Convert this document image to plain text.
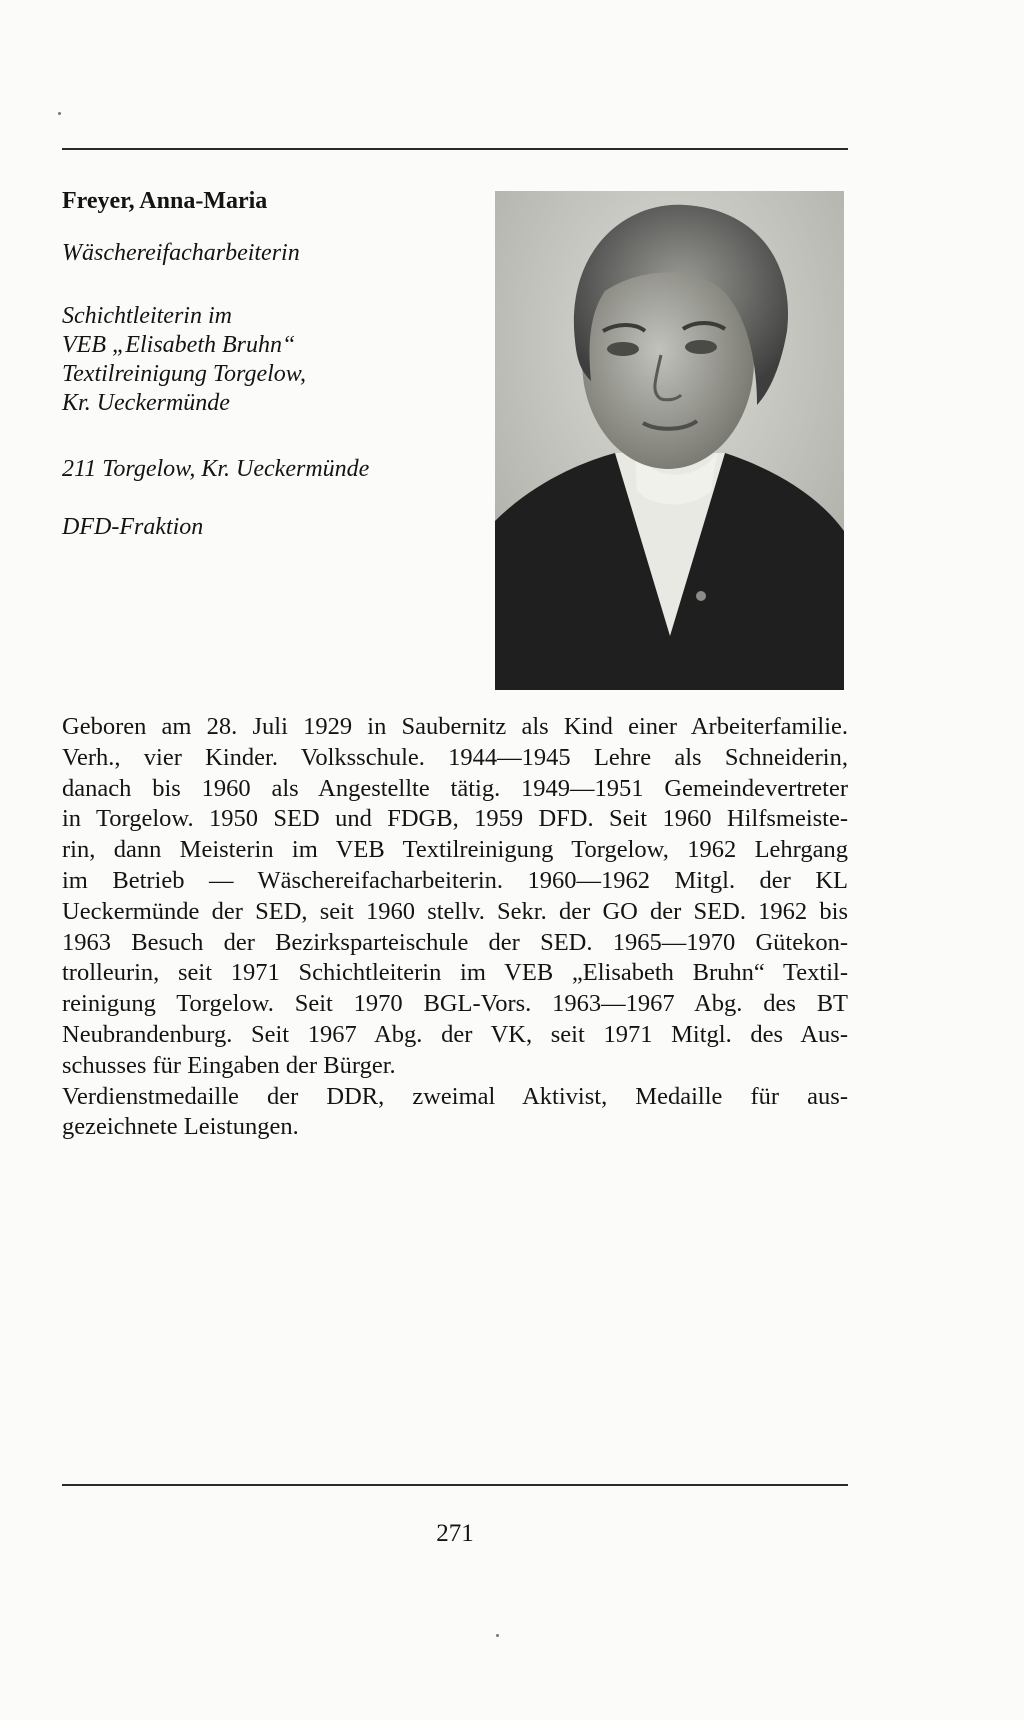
Freyer, Anna-Maria
Wäschereifacharbeiterin
Schichtleiterin im
VEB „Elisabeth Bruhn“
Textilreinigung Torgelow,
Kr. Ueckermünde
211 Torgelow, Kr. Ueckermünde
DFD-Fraktion
Geboren am 28. Juli 1929 in Saubernitz als Kind einer Arbeiterfamilie.
Verh., vier Kinder. Volksschule. 1944—1945 Lehre als Schneiderin,
danach bis 1960 als Angestellte tätig. 1949—1951 Gemeindevertreter
in Torgelow. 1950 SED und FDGB, 1959 DFD. Seit 1960 Hilfsmeiste-
rin, dann Meisterin im VEB Textilreinigung Torgelow, 1962 Lehrgang
im Betrieb — Wäschereifacharbeiterin. 1960—1962 Mitgl. der KL
Ueckermünde der SED, seit 1960 stellv. Sekr. der GO der SED. 1962 bis
1963 Besuch der Bezirksparteischule der SED. 1965—1970 Gütekon-
trolleurin, seit 1971 Schichtleiterin im VEB „Elisabeth Bruhn“ Textil-
reinigung Torgelow. Seit 1970 BGL-Vors. 1963—1967 Abg. des BT
Neubrandenburg. Seit 1967 Abg. der VK, seit 1971 Mitgl. des Aus-
schusses für Eingaben der Bürger.
Verdienstmedaille der DDR, zweimal Aktivist, Medaille für aus-
gezeichnete Leistungen.
271
